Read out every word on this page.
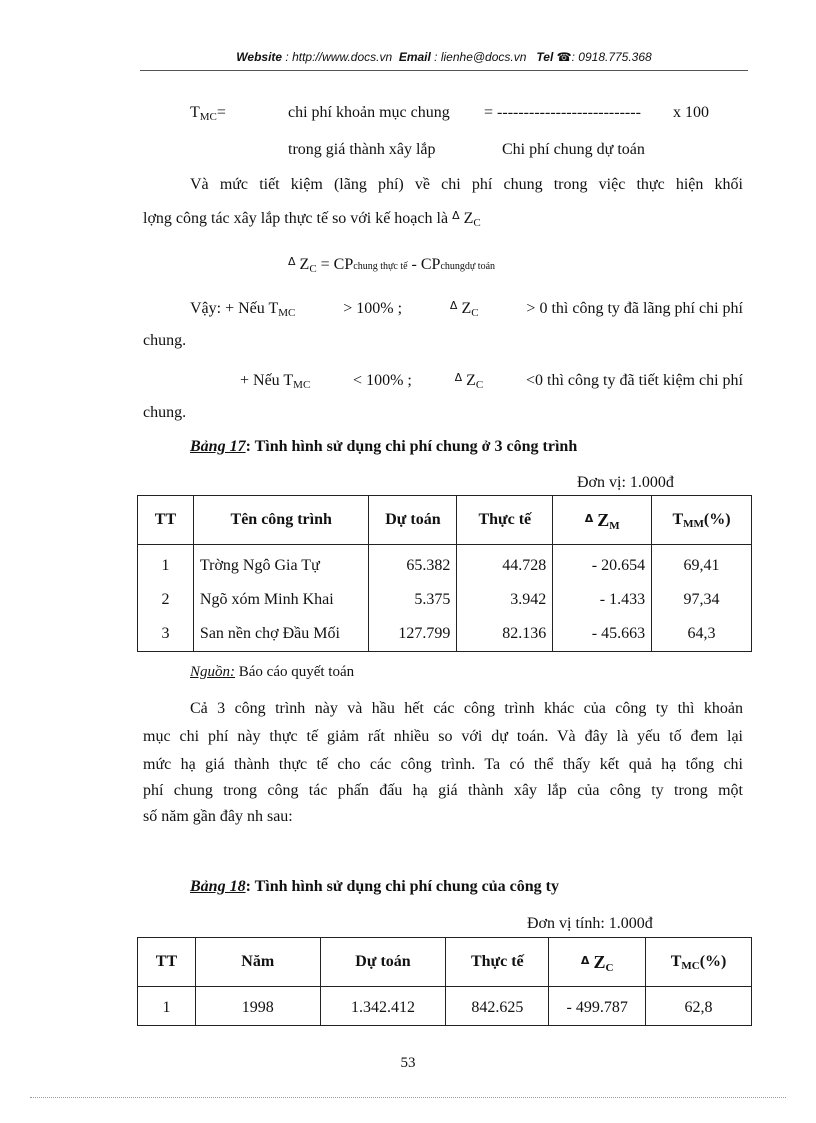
Website : http://www.docs.vn Email : lienhe@docs.vn Tel ☎: 0918.775.368
TMC=	chi phí khoản mục chung = --------------------------- x 100
trong giá thành xây lắp	Chi phí chung dự toán
Và mức tiết kiệm (lãng phí) về chi phí chung trong việc thực hiện khối
lợng công tác xây lắp thực tế so với kế hoạch là $^\Delta$ ZC
$^\Delta$ ZC = CPchung thực tế - CPchungdự toán
Vậy: + Nếu TMC	> 100% ;	$^\Delta$ ZC	> 0 thì công ty đã lãng phí chi phí
chung.
+ Nếu TMC	< 100% ;	$^\Delta$ ZC	<0 thì công ty đã tiết kiệm chi phí
chung.
Bảng 17: Tình hình sử dụng chi phí chung ở 3 công trình
Đơn vị: 1.000đ
TT	Tên công trình	Dự toán	Thực tế	$^\Delta$ ZM	TMM(%)
1	Trờng Ngô Gia Tự	65.382	44.728	- 20.654	69,41
2	Ngõ xóm Minh Khai	5.375	3.942	- 1.433	97,34
3	San nền chợ Đầu Mối	127.799	82.136	- 45.663	64,3
Nguồn: Báo cáo quyết toán
Cả 3 công trình này và hầu hết các công trình khác của công ty thì khoản
mục chi phí này thực tế giảm rất nhiều so với dự toán. Và đây là yếu tố đem lại
mức hạ giá thành thực tế cho các công trình. Ta có thể thấy kết quả hạ tổng chi
phí chung trong công tác phấn đấu hạ giá thành xây lắp của công ty trong một
số năm gần đây nh sau:
Bảng 18: Tình hình sử dụng chi phí chung của công ty
Đơn vị tính: 1.000đ
TT	Năm	Dự toán	Thực tế	$^\Delta$ ZC	TMC(%)
1	1998	1.342.412	842.625	- 499.787	62,8
53
